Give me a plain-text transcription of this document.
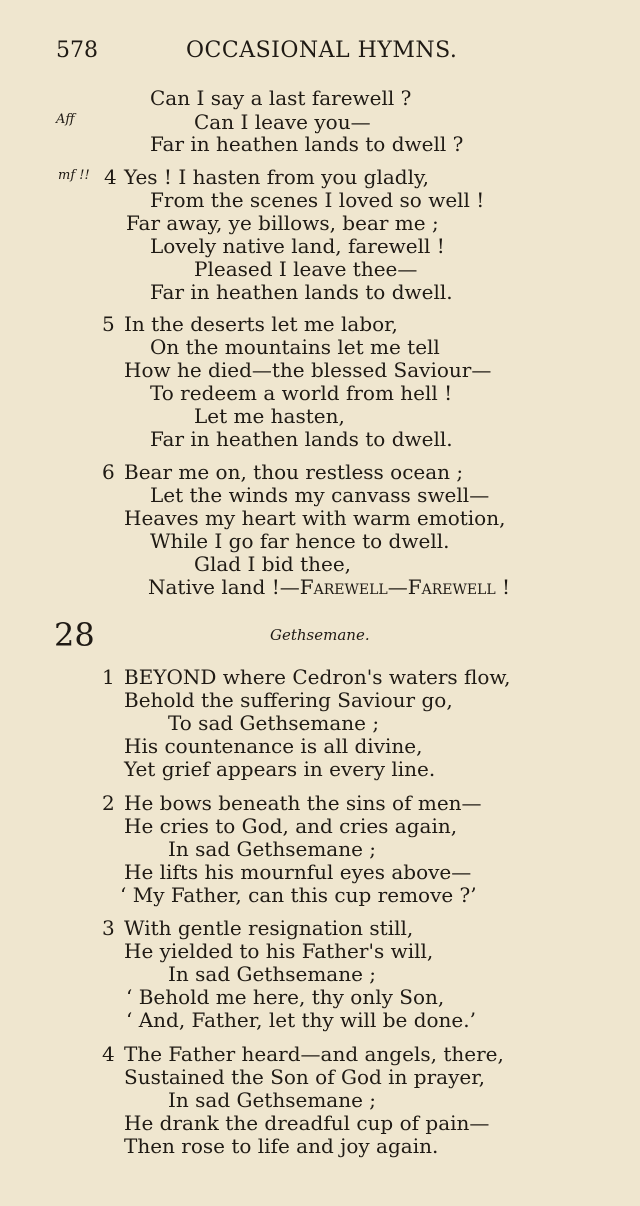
578	OCCASIONAL HYMNS.
Can I say a last farewell ?
Aff	Can I leave you—
Far in heathen lands to dwell ?
mf !! 4 Yes ! I hasten from you gladly,
From the scenes I loved so well !
Far away, ye billows, bear me ;
Lovely native land, farewell !
Pleased I leave thee—
Far in heathen lands to dwell.
5 In the deserts let me labor,
On the mountains let me tell
How he died—the blessed Saviour—
To redeem a world from hell !
Let me hasten,
Far in heathen lands to dwell.
6 Bear me on, thou restless ocean ;
Let the winds my canvass swell—
Heaves my heart with warm emotion,
While I go far hence to dwell.
Glad I bid thee,
Native land !—Farewell—Farewell !
28	Gethsemane.
1 BEYOND where Cedron's waters flow,
Behold the suffering Saviour go,
To sad Gethsemane ;
His countenance is all divine,
Yet grief appears in every line.
2 He bows beneath the sins of men—
He cries to God, and cries again,
In sad Gethsemane ;
He lifts his mournful eyes above—
‘ My Father, can this cup remove ?’
3 With gentle resignation still,
He yielded to his Father's will,
In sad Gethsemane ;
‘ Behold me here, thy only Son,
‘ And, Father, let thy will be done.’
4 The Father heard—and angels, there,
Sustained the Son of God in prayer,
In sad Gethsemane ;
He drank the dreadful cup of pain—
Then rose to life and joy again.
